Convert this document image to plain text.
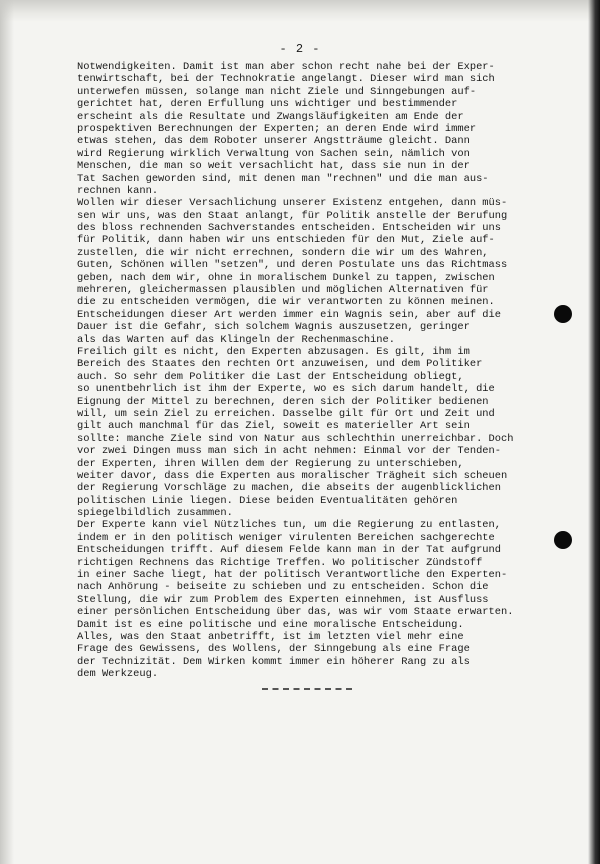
- 2 -
Notwendigkeiten. Damit ist man aber schon recht nahe bei der Exper-
tenwirtschaft, bei der Technokratie angelangt. Dieser wird man sich
unterwefen müssen, solange man nicht Ziele und Sinngebungen auf-
gerichtet hat, deren Erfullung uns wichtiger und bestimmender
erscheint als die Resultate und Zwangsläufigkeiten am Ende der
prospektiven Berechnungen der Experten; an deren Ende wird immer
etwas stehen, das dem Roboter unserer Angstträume gleicht. Dann
wird Regierung wirklich Verwaltung von Sachen sein, nämlich von
Menschen, die man so weit versachlicht hat, dass sie nun in der
Tat Sachen geworden sind, mit denen man "rechnen" und die man aus-
rechnen kann.
Wollen wir dieser Versachlichung unserer Existenz entgehen, dann müs-
sen wir uns, was den Staat anlangt, für Politik anstelle der Berufung
des bloss rechnenden Sachverstandes entscheiden. Entscheiden wir uns
für Politik, dann haben wir uns entschieden für den Mut, Ziele auf-
zustellen, die wir nicht errechnen, sondern die wir um des Wahren,
Guten, Schönen willen "setzen", und deren Postulate uns das Richtmass
geben, nach dem wir, ohne in moralischem Dunkel zu tappen, zwischen
mehreren, gleichermassen plausiblen und möglichen Alternativen für
die zu entscheiden vermögen, die wir verantworten zu können meinen.
Entscheidungen dieser Art werden immer ein Wagnis sein, aber auf die
Dauer ist die Gefahr, sich solchem Wagnis auszusetzen, geringer
als das Warten auf das Klingeln der Rechenmaschine.
Freilich gilt es nicht, den Experten abzusagen. Es gilt, ihm im
Bereich des Staates den rechten Ort anzuweisen, und dem Politiker
auch. So sehr dem Politiker die Last der Entscheidung obliegt,
so unentbehrlich ist ihm der Experte, wo es sich darum handelt, die
Eignung der Mittel zu berechnen, deren sich der Politiker bedienen
will, um sein Ziel zu erreichen. Dasselbe gilt für Ort und Zeit und
gilt auch manchmal für das Ziel, soweit es materieller Art sein
sollte: manche Ziele sind von Natur aus schlechthin unerreichbar. Doch
vor zwei Dingen muss man sich in acht nehmen: Einmal vor der Tenden-
der Experten, ihren Willen dem der Regierung zu unterschieben,
weiter davor, dass die Experten aus moralischer Trägheit sich scheuen
der Regierung Vorschläge zu machen, die abseits der augenblicklichen
politischen Linie liegen. Diese beiden Eventualitäten gehören
spiegelbildlich zusammen.
Der Experte kann viel Nützliches tun, um die Regierung zu entlasten,
indem er in den politisch weniger virulenten Bereichen sachgerechte
Entscheidungen trifft. Auf diesem Felde kann man in der Tat aufgrund
richtigen Rechnens das Richtige Treffen. Wo politischer Zündstoff
in einer Sache liegt, hat der politisch Verantwortliche den Experten-
nach Anhörung - beiseite zu schieben und zu entscheiden. Schon die
Stellung, die wir zum Problem des Experten einnehmen, ist Ausfluss
einer persönlichen Entscheidung über das, was wir vom Staate erwarten.
Damit ist es eine politische und eine moralische Entscheidung.
Alles, was den Staat anbetrifft, ist im letzten viel mehr eine
Frage des Gewissens, des Wollens, der Sinngebung als eine Frage
der Technizität. Dem Wirken kommt immer ein höherer Rang zu als
dem Werkzeug.
